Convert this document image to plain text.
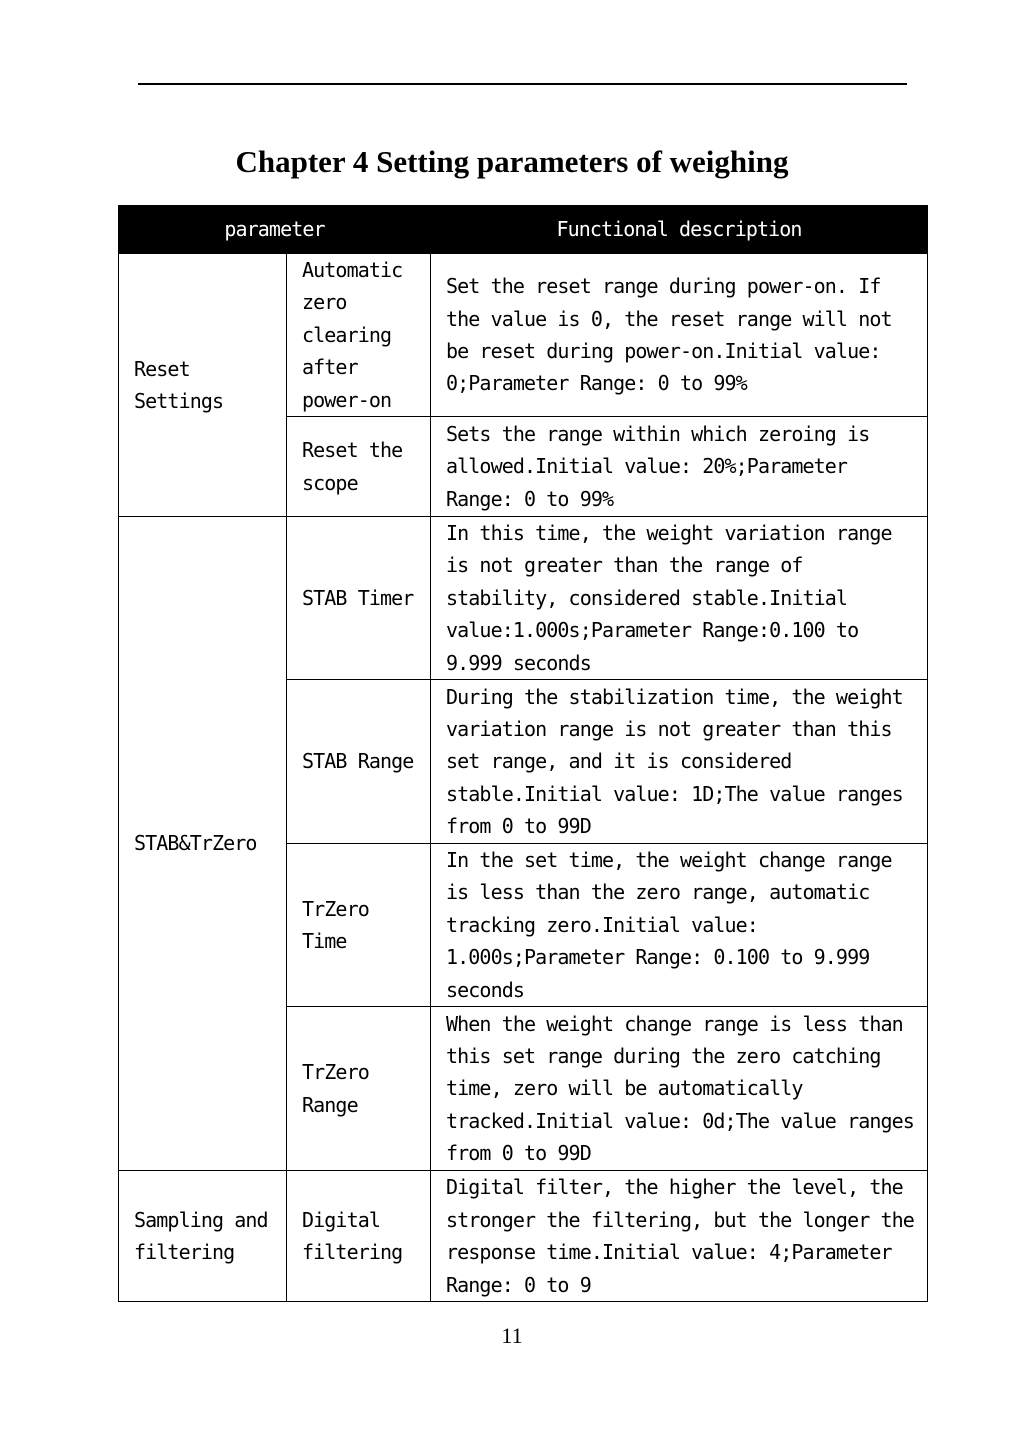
Chapter 4 Setting parameters of weighing
parameter		Functional description
Reset Settings	Automatic zero clearing after power-on	Set the reset range during power-on. If the value is 0, the reset range will not be reset during power-on.Initial value: 0;Parameter Range: 0 to 99%
	Reset the scope	Sets the range within which zeroing is allowed.Initial value: 20%;Parameter Range: 0 to 99%
STAB&TrZero	STAB Timer	In this time, the weight variation range is not greater than the range of stability, considered stable.Initial value:1.000s;Parameter Range:0.100 to 9.999 seconds
	STAB Range	During the stabilization time, the weight variation range is not greater than this set range, and it is considered stable.Initial value: 1D;The value ranges from 0 to 99D
	TrZero Time	In the set time, the weight change range is less than the zero range, automatic tracking zero.Initial value: 1.000s;Parameter Range: 0.100 to 9.999 seconds
	TrZero Range	When the weight change range is less than this set range during the zero catching time, zero will be automatically tracked.Initial value: 0d;The value ranges from 0 to 99D
Sampling and filtering	Digital filtering	Digital filter, the higher the level, the stronger the filtering, but the longer the response time.Initial value: 4;Parameter Range: 0 to 9
11
